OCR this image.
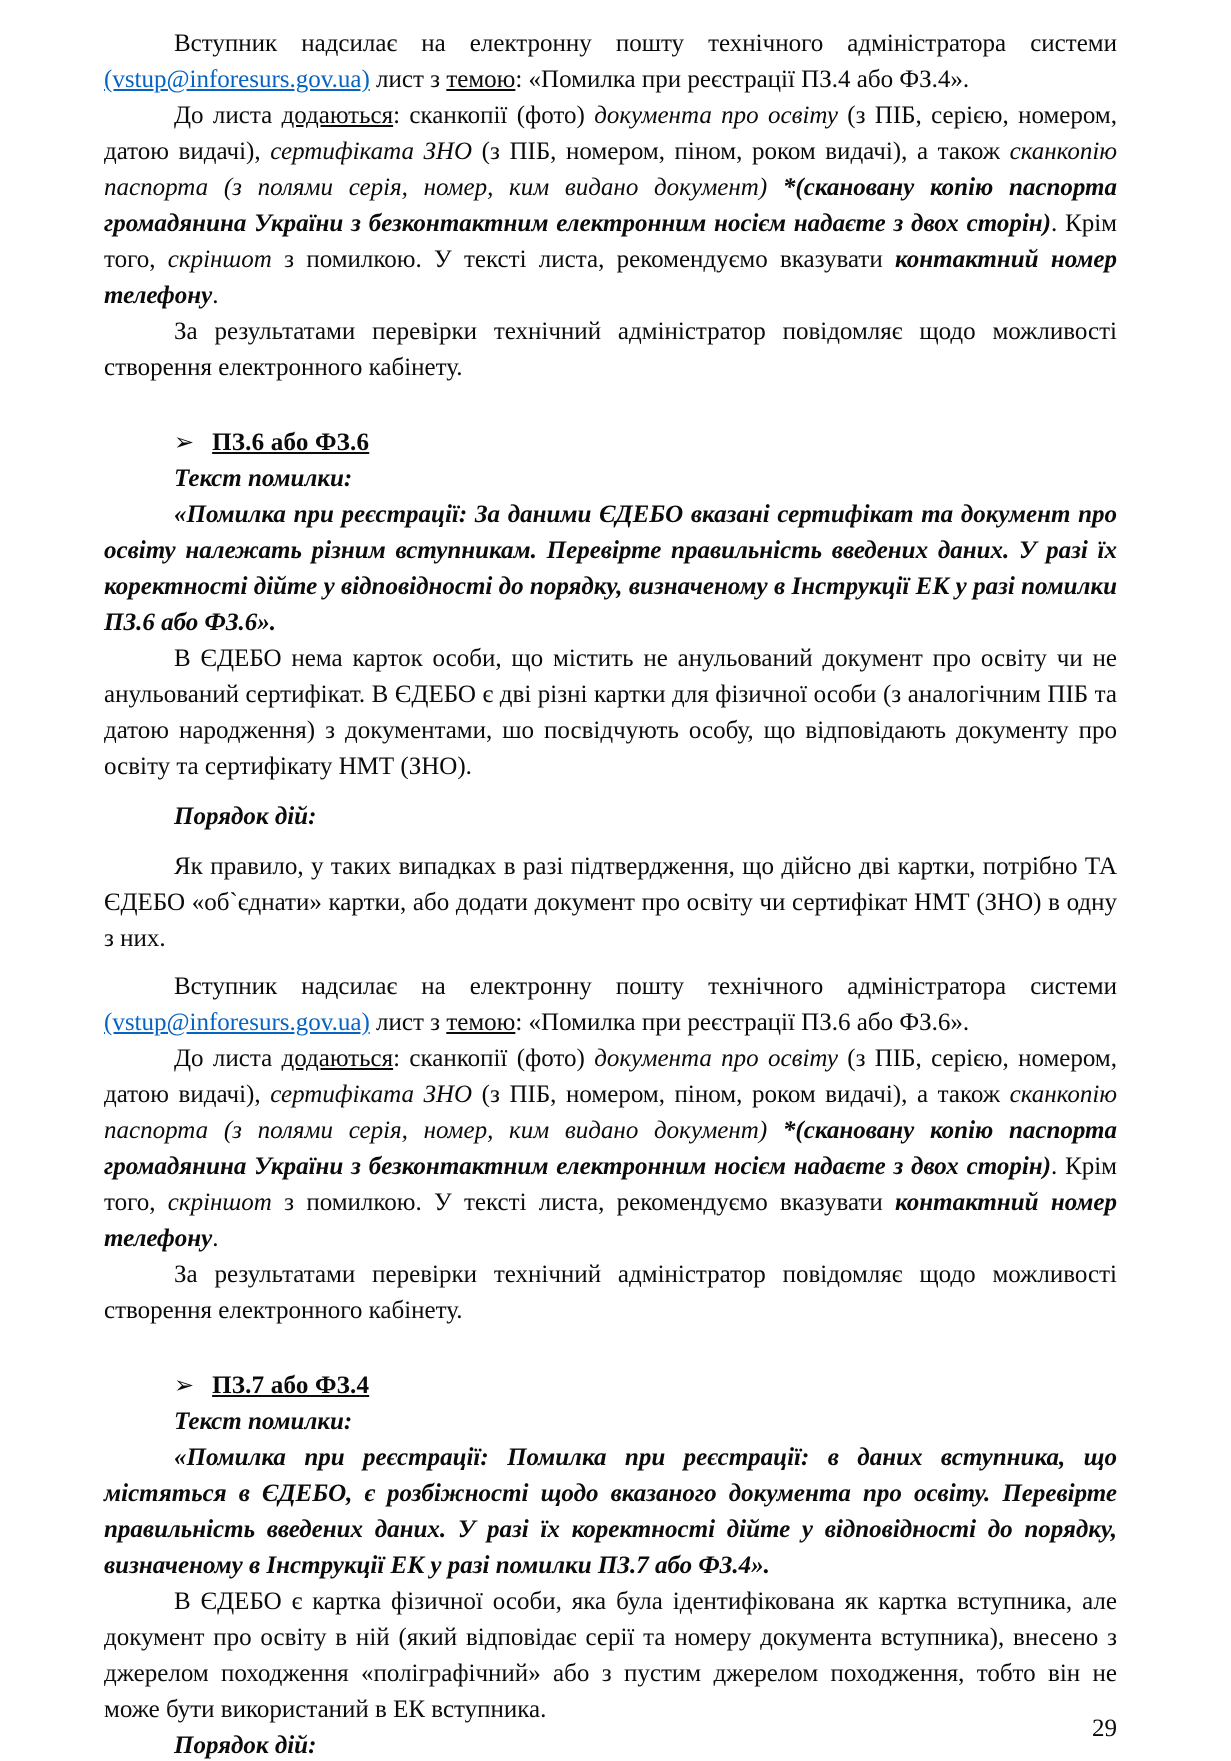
Вступник надсилає на електронну пошту технічного адміністратора системи (vstup@inforesurs.gov.ua) лист з темою: «Помилка при реєстрації ПЗ.4 або ФЗ.4».

До листа додаються: сканкопії (фото) документа про освіту (з ПІБ, серією, номером, датою видачі), сертифіката ЗНО (з ПІБ, номером, піном, роком видачі), а також сканкопію паспорта (з полями серія, номер, ким видано документ) *(скановану копію паспорта громадянина України з безконтактним електронним носієм надаєте з двох сторін). Крім того, скріншот з помилкою. У тексті листа, рекомендуємо вказувати контактний номер телефону.

За результатами перевірки технічний адміністратор повідомляє щодо можливості створення електронного кабінету.

➢ ПЗ.6 або ФЗ.6

Текст помилки:

«Помилка при реєстрації: За даними ЄДЕБО вказані сертифікат та документ про освіту належать різним вступникам. Перевірте правильність введених даних. У разі їх коректності дійте у відповідності до порядку, визначеному в Інструкції ЕК у разі помилки ПЗ.6 або ФЗ.6».

В ЄДЕБО нема карток особи, що містить не анульований документ про освіту чи не анульований сертифікат. В ЄДЕБО є дві різні картки для фізичної особи (з аналогічним ПІБ та датою народження) з документами, шо посвідчують особу, що відповідають документу про освіту та сертифікату НМТ (ЗНО).

Порядок дій:

Як правило, у таких випадках в разі підтвердження, що дійсно дві картки, потрібно ТА ЄДЕБО «об`єднати» картки, або додати документ про освіту чи сертифікат НМТ (ЗНО) в одну з них.

Вступник надсилає на електронну пошту технічного адміністратора системи (vstup@inforesurs.gov.ua) лист з темою: «Помилка при реєстрації ПЗ.6 або ФЗ.6».

До листа додаються: сканкопії (фото) документа про освіту (з ПІБ, серією, номером, датою видачі), сертифіката ЗНО (з ПІБ, номером, піном, роком видачі), а також сканкопію паспорта (з полями серія, номер, ким видано документ) *(скановану копію паспорта громадянина України з безконтактним електронним носієм надаєте з двох сторін). Крім того, скріншот з помилкою. У тексті листа, рекомендуємо вказувати контактний номер телефону.

За результатами перевірки технічний адміністратор повідомляє щодо можливості створення електронного кабінету.

➢ ПЗ.7 або ФЗ.4

Текст помилки:

«Помилка при реєстрації: Помилка при реєстрації: в даних вступника, що містяться в ЄДЕБО, є розбіжності щодо вказаного документа про освіту. Перевірте правильність введених даних. У разі їх коректності дійте у відповідності до порядку, визначеному в Інструкції ЕК у разі помилки ПЗ.7 або ФЗ.4».

В ЄДЕБО є картка фізичної особи, яка була ідентифікована як картка вступника, але документ про освіту в ній (який відповідає серії та номеру документа вступника), внесено з джерелом походження «поліграфічний» або з пустим джерелом походження, тобто він не може бути використаний в ЕК вступника.

Порядок дій:

29
